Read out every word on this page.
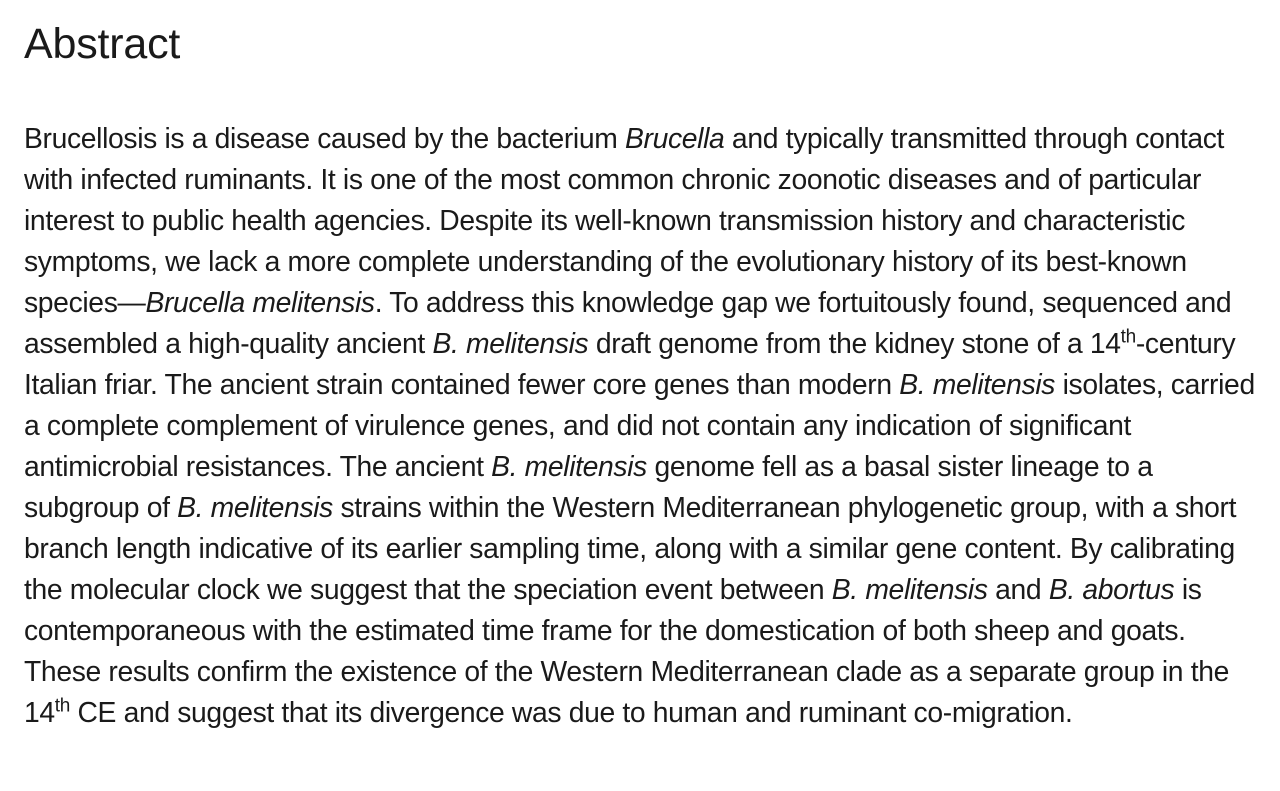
Abstract

Brucellosis is a disease caused by the bacterium Brucella and typically transmitted through contact with infected ruminants. It is one of the most common chronic zoonotic diseases and of particular interest to public health agencies. Despite its well-known transmission history and characteristic symptoms, we lack a more complete understanding of the evolutionary history of its best-known species—Brucella melitensis. To address this knowledge gap we fortuitously found, sequenced and assembled a high-quality ancient B. melitensis draft genome from the kidney stone of a 14th-century Italian friar. The ancient strain contained fewer core genes than modern B. melitensis isolates, carried a complete complement of virulence genes, and did not contain any indication of significant antimicrobial resistances. The ancient B. melitensis genome fell as a basal sister lineage to a subgroup of B. melitensis strains within the Western Mediterranean phylogenetic group, with a short branch length indicative of its earlier sampling time, along with a similar gene content. By calibrating the molecular clock we suggest that the speciation event between B. melitensis and B. abortus is contemporaneous with the estimated time frame for the domestication of both sheep and goats. These results confirm the existence of the Western Mediterranean clade as a separate group in the 14th CE and suggest that its divergence was due to human and ruminant co-migration.
